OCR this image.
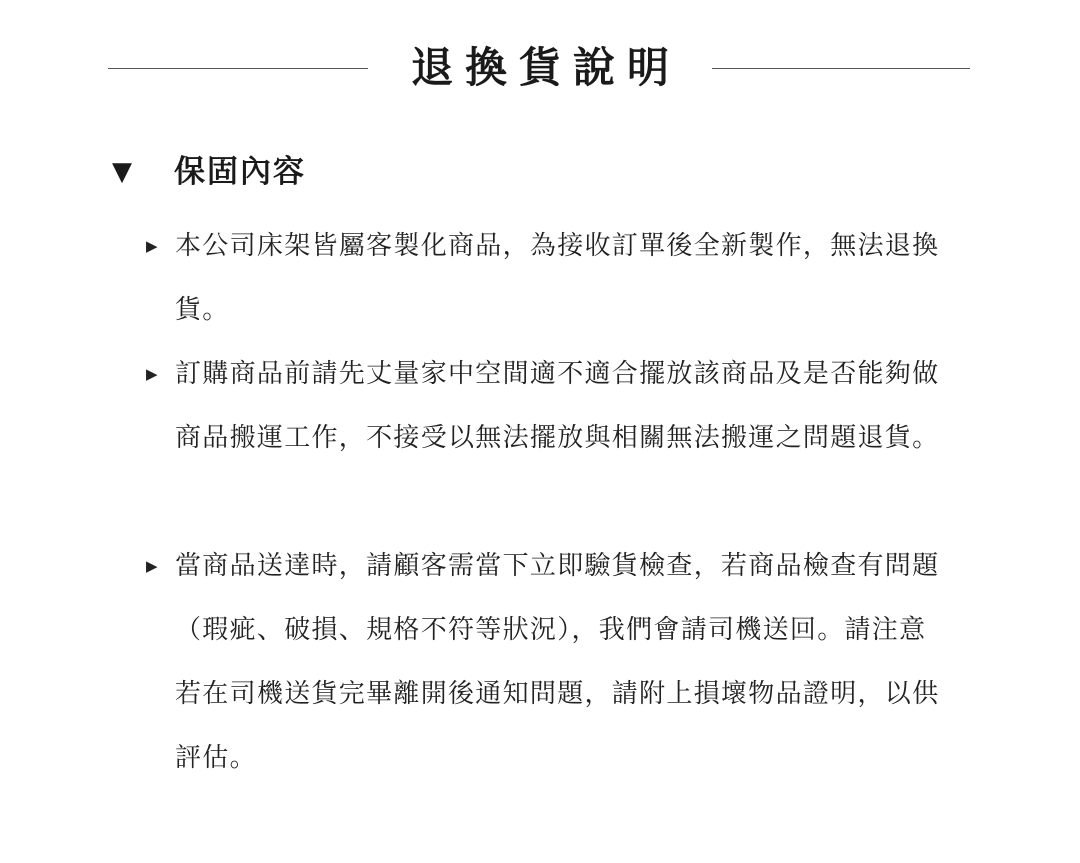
退換貨說明
▼ 保固內容
▶ 本公司床架皆屬客製化商品，為接收訂單後全新製作，無法退換貨。
▶ 訂購商品前請先丈量家中空間適不適合擺放該商品及是否能夠做商品搬運工作，不接受以無法擺放與相關無法搬運之問題退貨。
▶ 當商品送達時，請顧客需當下立即驗貨檢查，若商品檢查有問題（瑕疵、破損、規格不符等狀況），我們會請司機送回。請注意若在司機送貨完畢離開後通知問題，請附上損壞物品證明，以供評估。
